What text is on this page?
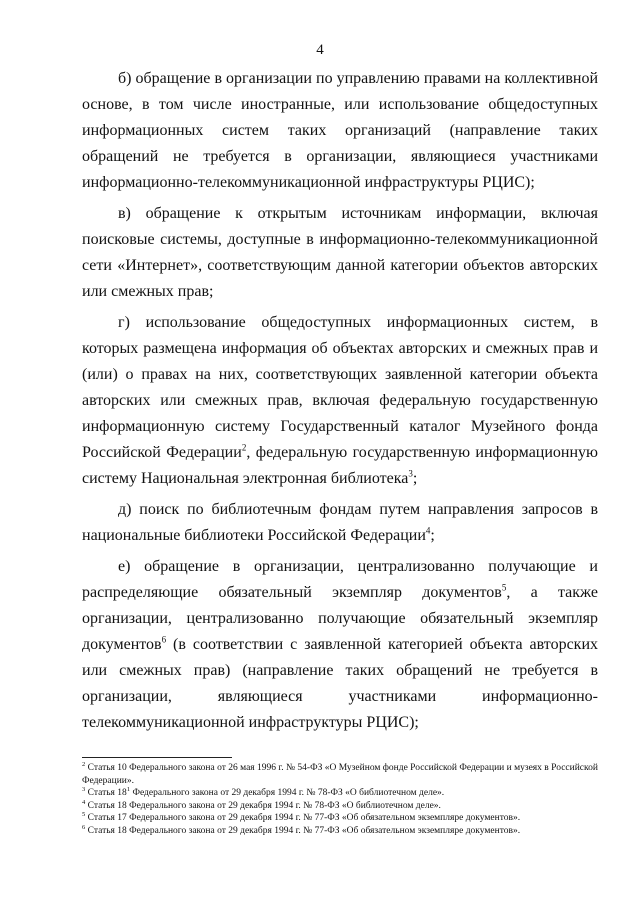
4

б) обращение в организации по управлению правами на коллективной основе, в том числе иностранные, или использование общедоступных информационных систем таких организаций (направление таких обращений не требуется в организации, являющиеся участниками информационно-телекоммуникационной инфраструктуры РЦИС);

в) обращение к открытым источникам информации, включая поисковые системы, доступные в информационно-телекоммуникационной сети «Интернет», соответствующим данной категории объектов авторских или смежных прав;

г) использование общедоступных информационных систем, в которых размещена информация об объектах авторских и смежных прав и (или) о правах на них, соответствующих заявленной категории объекта авторских или смежных прав, включая федеральную государственную информационную систему Государственный каталог Музейного фонда Российской Федерации$^2$, федеральную государственную информационную систему Национальная электронная библиотека$^3$;

д) поиск по библиотечным фондам путем направления запросов в национальные библиотеки Российской Федерации$^4$;

е) обращение в организации, централизованно получающие и распределяющие обязательный экземпляр документов$^5$, а также организации, централизованно получающие обязательный экземпляр документов$^6$ (в соответствии с заявленной категорией объекта авторских или смежных прав) (направление таких обращений не требуется в организации, являющиеся участниками информационно-телекоммуникационной инфраструктуры РЦИС);

$^2$ Статья 10 Федерального закона от 26 мая 1996 г. № 54-ФЗ «О Музейном фонде Российской Федерации и музеях в Российской Федерации».

$^3$ Статья $18^1$ Федерального закона от 29 декабря 1994 г. № 78-ФЗ «О библиотечном деле».

$^4$ Статья 18 Федерального закона от 29 декабря 1994 г. № 78-ФЗ «О библиотечном деле».

$^5$ Статья 17 Федерального закона от 29 декабря 1994 г. № 77-ФЗ «Об обязательном экземпляре документов».

$^6$ Статья 18 Федерального закона от 29 декабря 1994 г. № 77-ФЗ «Об обязательном экземпляре документов».
